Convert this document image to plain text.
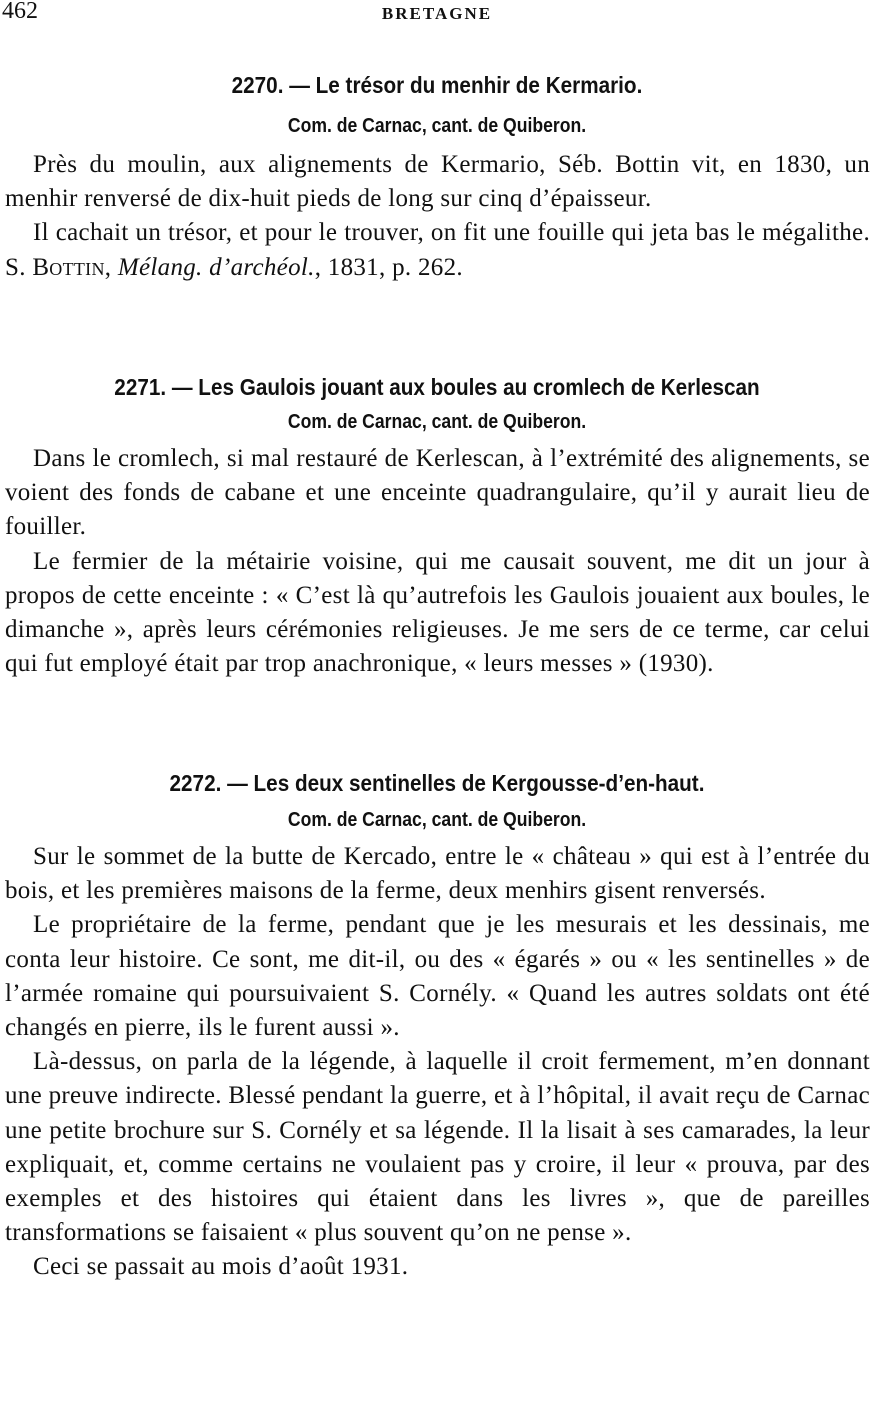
462	BRETAGNE
2270. — Le trésor du menhir de Kermario.
Com. de Carnac, cant. de Quiberon.

Près du moulin, aux alignements de Kermario, Séb. Bottin vit, en 1830, un menhir renversé de dix-huit pieds de long sur cinq d’épaisseur.

Il cachait un trésor, et pour le trouver, on fit une fouille qui jeta bas le mégalithe. S. Bottin, Mélang. d’archéol., 1831, p. 262.

2271. — Les Gaulois jouant aux boules au cromlech de Kerlescan
Com. de Carnac, cant. de Quiberon.

Dans le cromlech, si mal restauré de Kerlescan, à l’extrémité des alignements, se voient des fonds de cabane et une enceinte quadrangulaire, qu’il y aurait lieu de fouiller.

Le fermier de la métairie voisine, qui me causait souvent, me dit un jour à propos de cette enceinte : « C’est là qu’autrefois les Gaulois jouaient aux boules, le dimanche », après leurs cérémonies religieuses. Je me sers de ce terme, car celui qui fut employé était par trop anachronique, « leurs messes » (1930).

2272. — Les deux sentinelles de Kergousse-d’en-haut.
Com. de Carnac, cant. de Quiberon.

Sur le sommet de la butte de Kercado, entre le « château » qui est à l’entrée du bois, et les premières maisons de la ferme, deux menhirs gisent renversés.

Le propriétaire de la ferme, pendant que je les mesurais et les dessinais, me conta leur histoire. Ce sont, me dit-il, ou des « égarés » ou « les sentinelles » de l’armée romaine qui poursuivaient S. Cornély. « Quand les autres soldats ont été changés en pierre, ils le furent aussi ».

Là-dessus, on parla de la légende, à laquelle il croit fermement, m’en donnant une preuve indirecte. Blessé pendant la guerre, et à l’hôpital, il avait reçu de Carnac une petite brochure sur S. Cornély et sa légende. Il la lisait à ses camarades, la leur expliquait, et, comme certains ne voulaient pas y croire, il leur « prouva, par des exemples et des histoires qui étaient dans les livres », que de pareilles transformations se faisaient « plus souvent qu’on ne pense ».

Ceci se passait au mois d’août 1931.
